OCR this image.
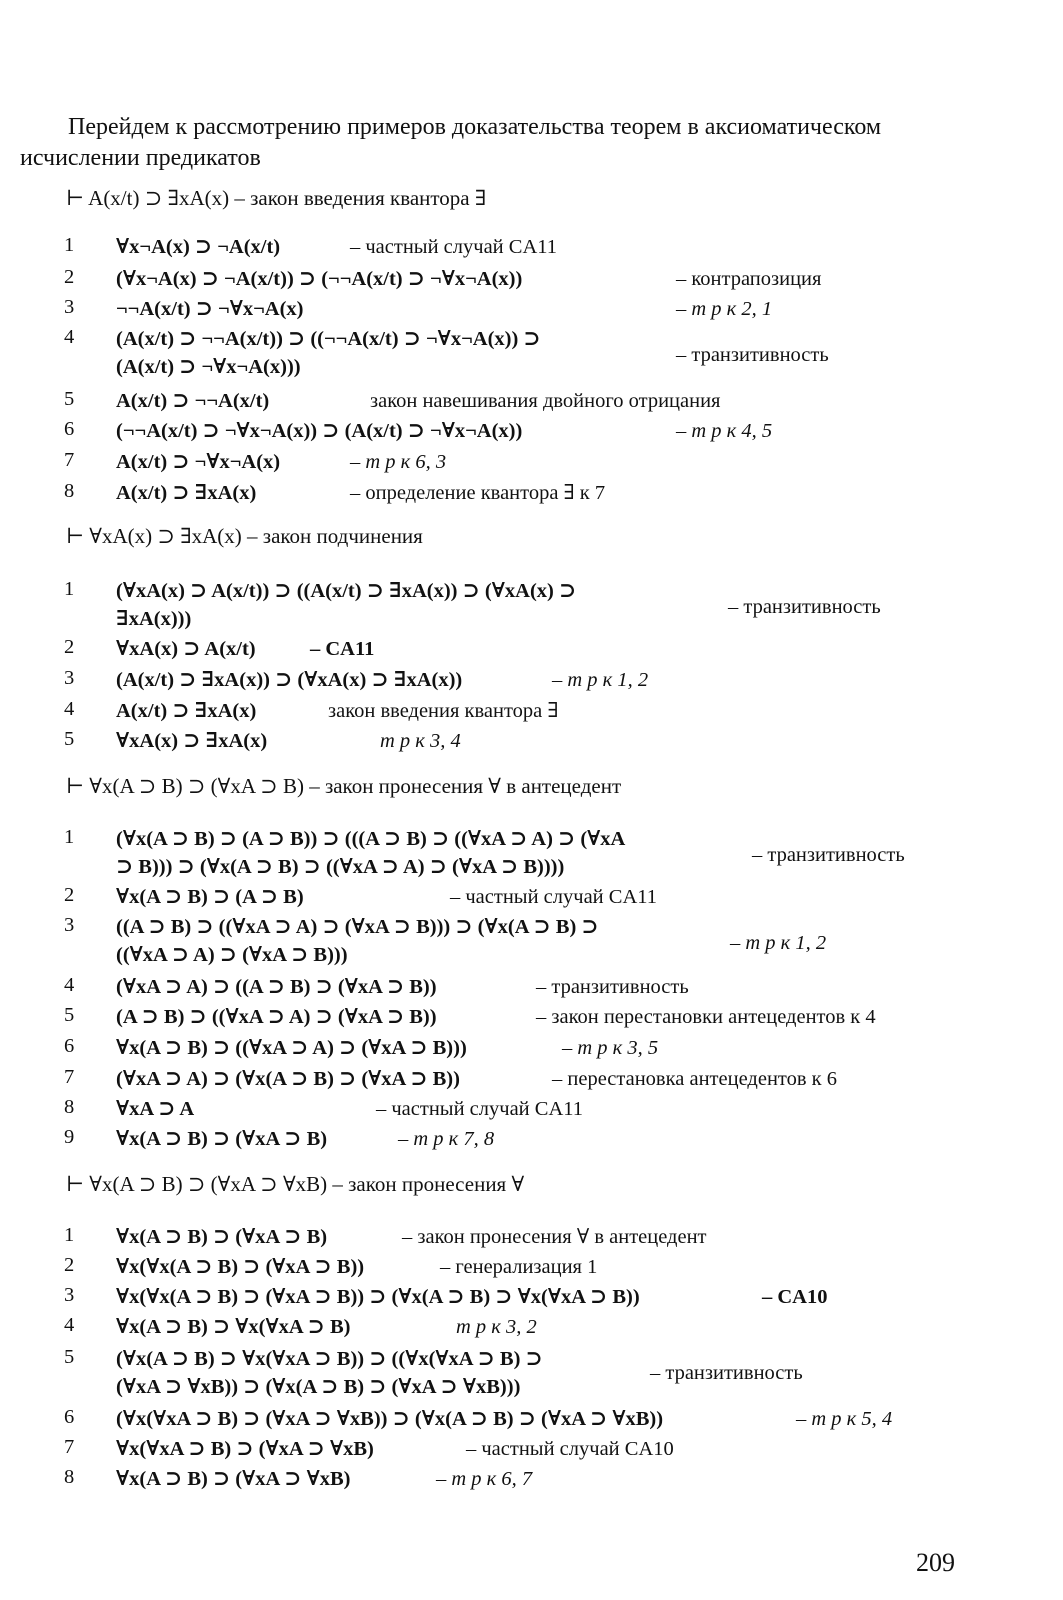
Перейдем к рассмотрению примеров доказательства теорем в аксиоматическом исчислении предикатов
⊢ A(x/t) ⊃ ∃xA(x) – закон введения квантора ∃
1	∀x¬A(x) ⊃ ¬A(x/t)	– частный случай CA11
2	(∀x¬A(x) ⊃ ¬A(x/t)) ⊃ (¬¬A(x/t) ⊃ ¬∀x¬A(x))	– контрапозиция
3	¬¬A(x/t) ⊃ ¬∀x¬A(x)	– m p к 2, 1
4	(A(x/t) ⊃ ¬¬A(x/t)) ⊃ ((¬¬A(x/t) ⊃ ¬∀x¬A(x)) ⊃
(A(x/t) ⊃ ¬∀x¬A(x)))
– транзитивность
5	A(x/t) ⊃ ¬¬A(x/t)	закон навешивания двойного отрицания
6	(¬¬A(x/t) ⊃ ¬∀x¬A(x)) ⊃ (A(x/t) ⊃ ¬∀x¬A(x))	– m p к 4, 5
7	A(x/t) ⊃ ¬∀x¬A(x)	– m p к 6, 3
8	A(x/t) ⊃ ∃xA(x)	– определение квантора ∃ к 7
⊢ ∀xA(x) ⊃ ∃xA(x) – закон подчинения
1	(∀xA(x) ⊃ A(x/t)) ⊃ ((A(x/t) ⊃ ∃xA(x)) ⊃ (∀xA(x) ⊃
∃xA(x)))
– транзитивность
2	∀xA(x) ⊃ A(x/t)	– CA11
3	(A(x/t) ⊃ ∃xA(x)) ⊃ (∀xA(x) ⊃ ∃xA(x))	– m p к 1, 2
4	A(x/t) ⊃ ∃xA(x)	закон введения квантора ∃
5	∀xA(x) ⊃ ∃xA(x)	m p к 3, 4
⊢ ∀x(A ⊃ B) ⊃ (∀xA ⊃ B) – закон пронесения ∀ в антецедент
1	(∀x(A ⊃ B) ⊃ (A ⊃ B)) ⊃ (((A ⊃ B) ⊃ ((∀xA ⊃ A) ⊃ (∀xA
⊃ B))) ⊃ (∀x(A ⊃ B) ⊃ ((∀xA ⊃ A) ⊃ (∀xA ⊃ B))))
– транзитивность
2	∀x(A ⊃ B) ⊃ (A ⊃ B)	– частный случай CA11
3	((A ⊃ B) ⊃ ((∀xA ⊃ A) ⊃ (∀xA ⊃ B))) ⊃ (∀x(A ⊃ B) ⊃
((∀xA ⊃ A) ⊃ (∀xA ⊃ B)))
– m p к 1, 2
4	(∀xA ⊃ A) ⊃ ((A ⊃ B) ⊃ (∀xA ⊃ B))	– транзитивность
5	(A ⊃ B) ⊃ ((∀xA ⊃ A) ⊃ (∀xA ⊃ B))	– закон перестановки антецедентов к 4
6	∀x(A ⊃ B) ⊃ ((∀xA ⊃ A) ⊃ (∀xA ⊃ B)))	– m p к 3, 5
7	(∀xA ⊃ A) ⊃ (∀x(A ⊃ B) ⊃ (∀xA ⊃ B))	– перестановка антецедентов к 6
8	∀xA ⊃ A	– частный случай CA11
9	∀x(A ⊃ B) ⊃ (∀xA ⊃ B)	– m p к 7, 8
⊢ ∀x(A ⊃ B) ⊃ (∀xA ⊃ ∀xB) – закон пронесения ∀
1	∀x(A ⊃ B) ⊃ (∀xA ⊃ B)	– закон пронесения ∀ в антецедент
2	∀x(∀x(A ⊃ B) ⊃ (∀xA ⊃ B))	– генерализация 1
3	∀x(∀x(A ⊃ B) ⊃ (∀xA ⊃ B)) ⊃ (∀x(A ⊃ B) ⊃ ∀x(∀xA ⊃ B))	– CA10
4	∀x(A ⊃ B) ⊃ ∀x(∀xA ⊃ B)	m p к 3, 2
5	(∀x(A ⊃ B) ⊃ ∀x(∀xA ⊃ B)) ⊃ ((∀x(∀xA ⊃ B) ⊃
(∀xA ⊃ ∀xB)) ⊃ (∀x(A ⊃ B) ⊃ (∀xA ⊃ ∀xB)))
– транзитивность
6	(∀x(∀xA ⊃ B) ⊃ (∀xA ⊃ ∀xB)) ⊃ (∀x(A ⊃ B) ⊃ (∀xA ⊃ ∀xB))	– m p к 5, 4
7	∀x(∀xA ⊃ B) ⊃ (∀xA ⊃ ∀xB)	– частный случай CA10
8	∀x(A ⊃ B) ⊃ (∀xA ⊃ ∀xB)	– m p к 6, 7
209
